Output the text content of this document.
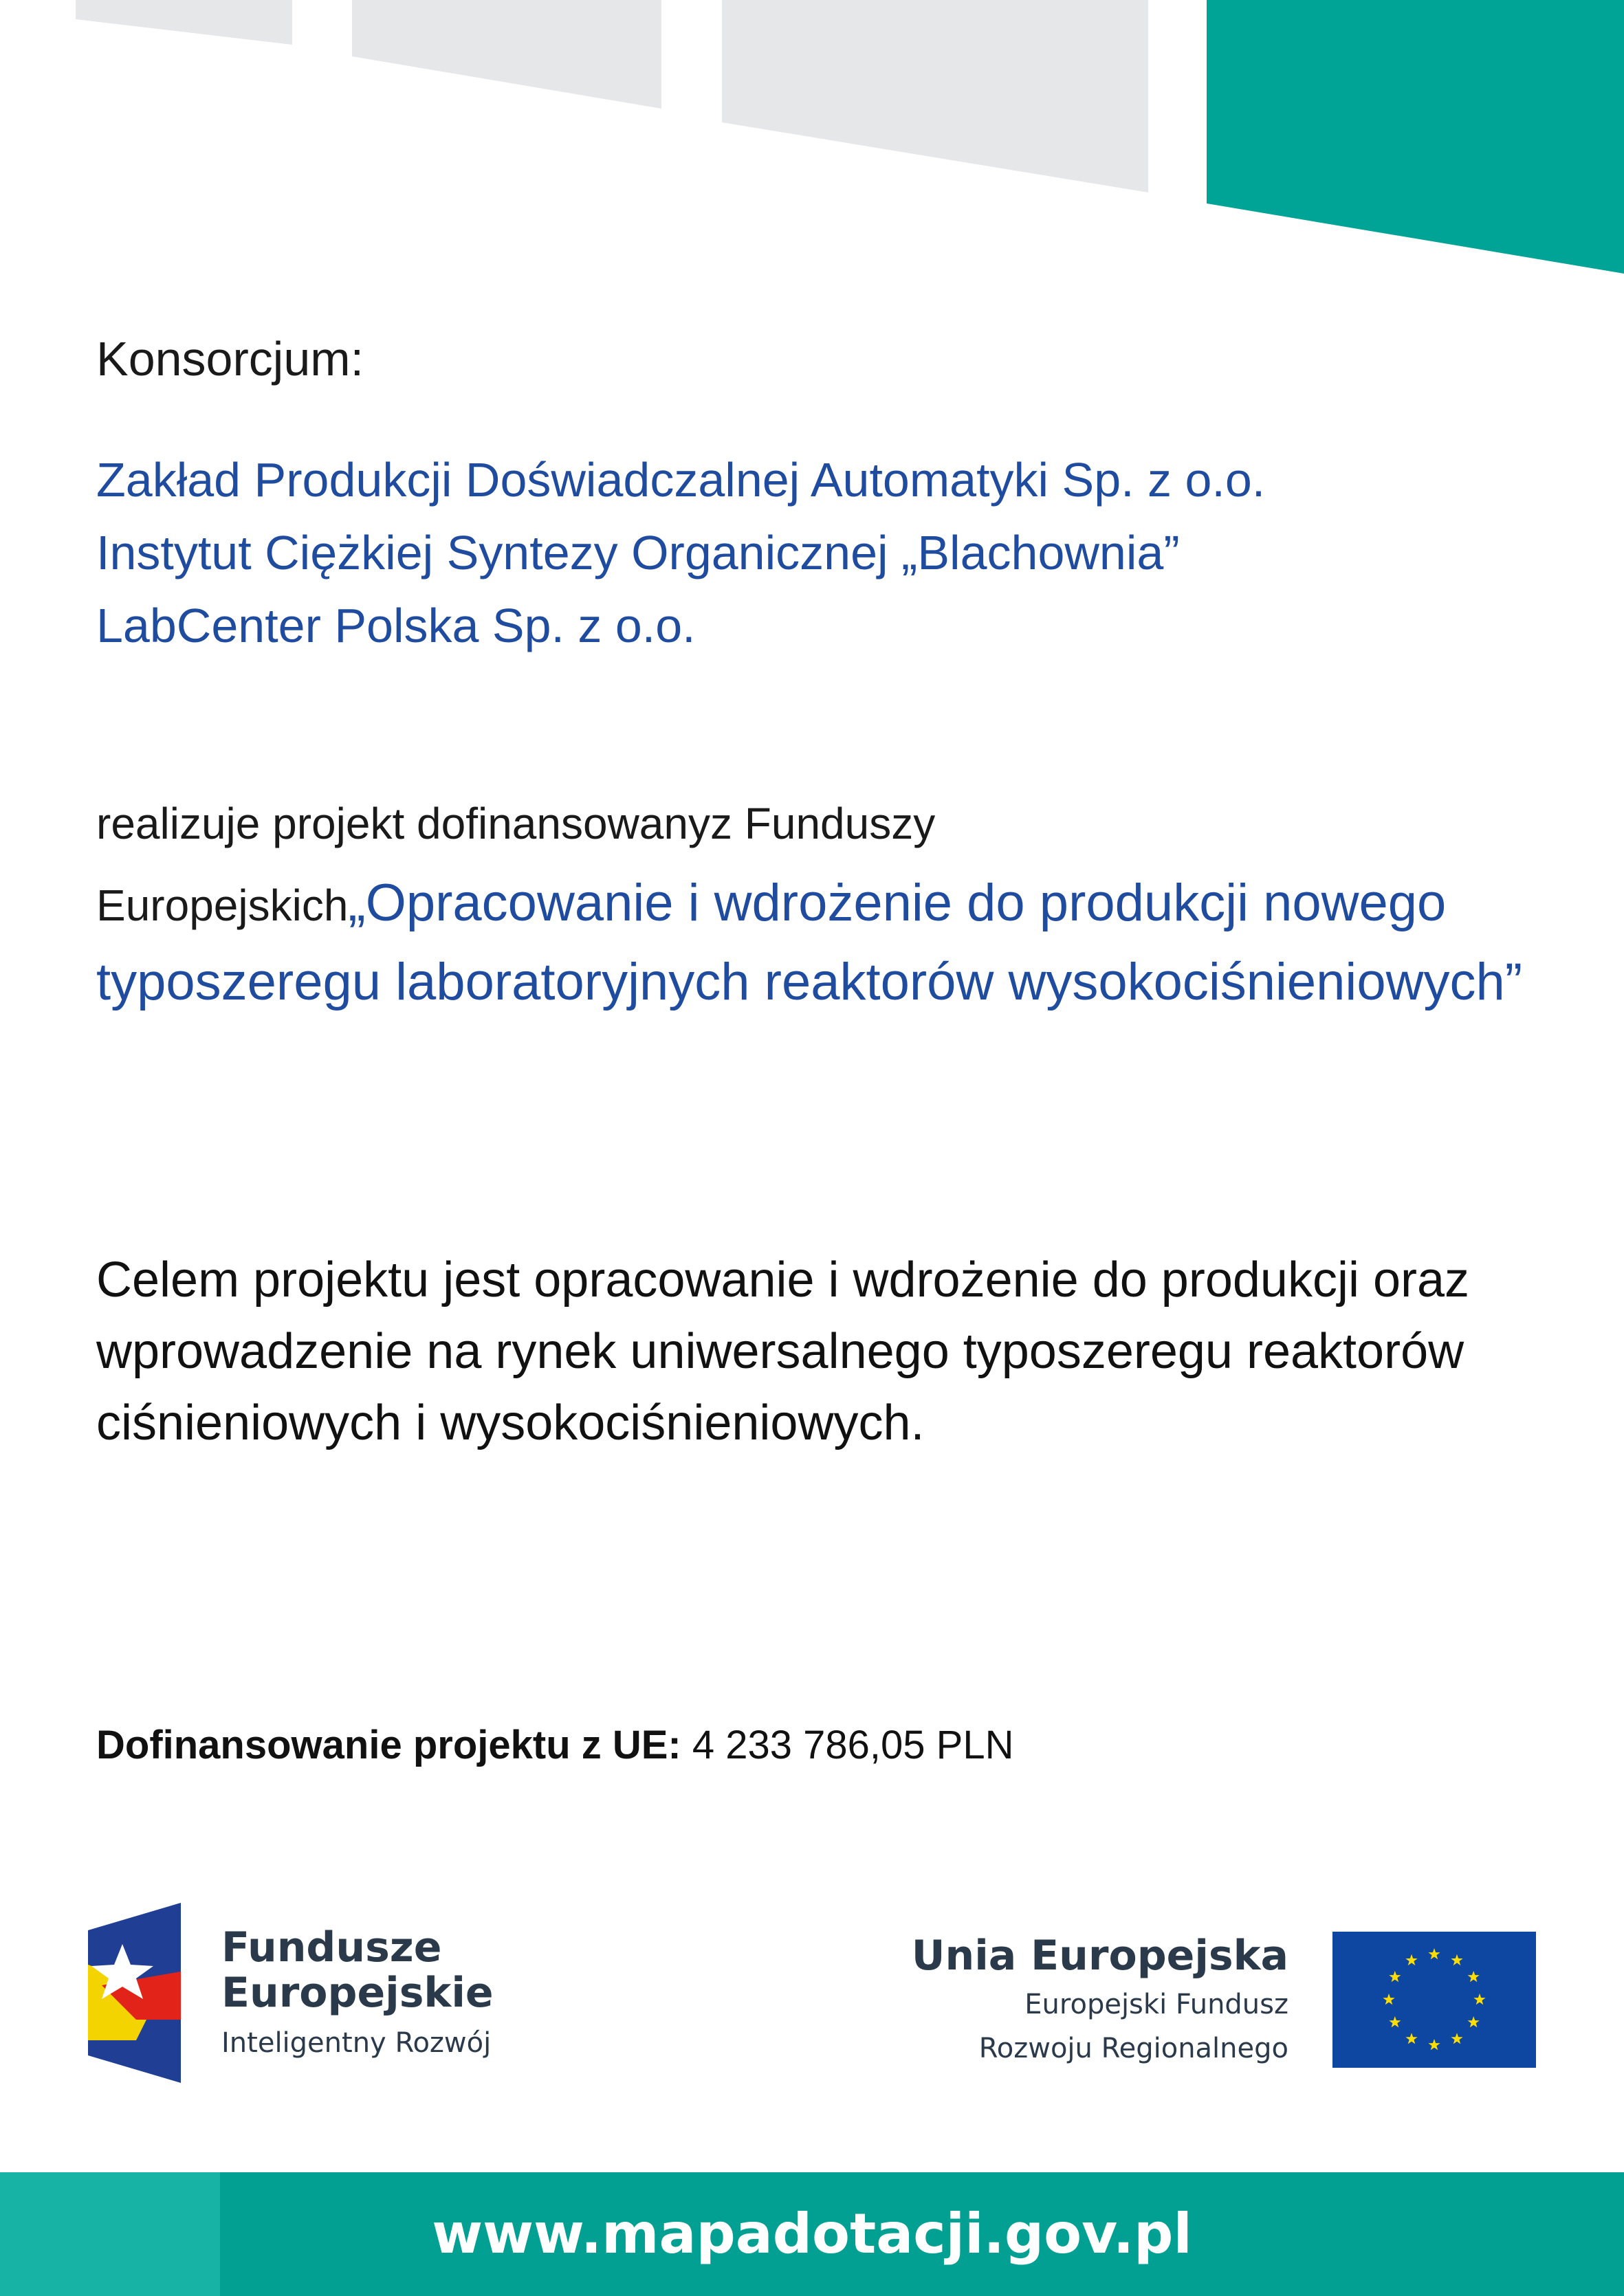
Konsorcjum:

Zakład Produkcji Doświadczalnej Automatyki Sp. z o.o.
Instytut Ciężkiej Syntezy Organicznej „Blachownia”
LabCenter Polska Sp. z o.o.

realizuje projekt dofinansowanyz Funduszy

Europejskich„Opracowanie i wdrożenie do produkcji nowego typoszeregu laboratoryjnych reaktorów wysokociśnieniowych”

Celem projektu jest opracowanie i wdrożenie do produkcji oraz wprowadzenie na rynek uniwersalnego typoszeregu reaktorów ciśnieniowych i wysokociśnieniowych.

Dofinansowanie projektu z UE: 4 233 786,05 PLN

Fundusze
Europejskie
Inteligentny Rozwój
Unia Europejska
Europejski Fundusz
Rozwoju Regionalnego
www.mapadotacji.gov.pl
